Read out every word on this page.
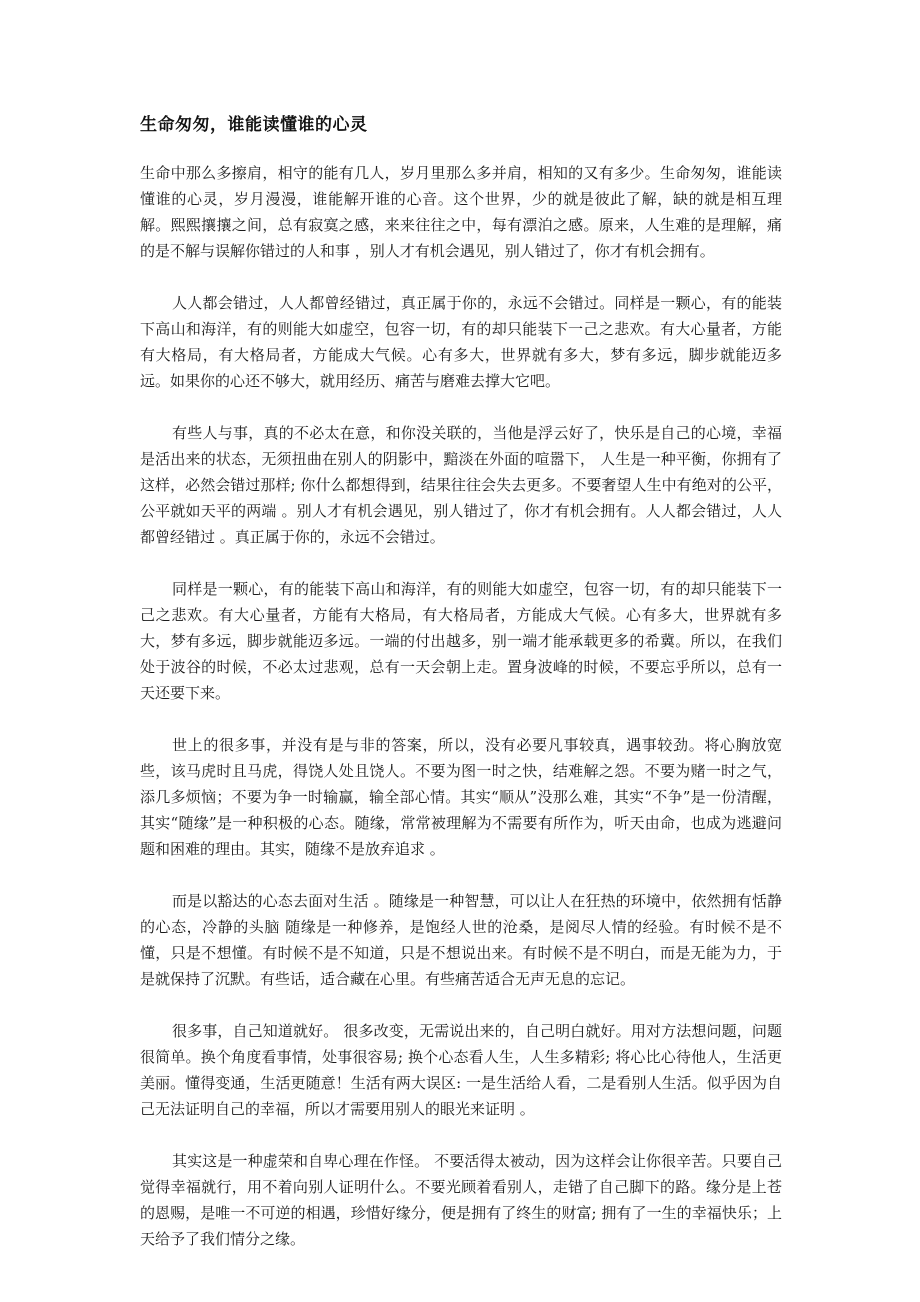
生命匆匆，谁能读懂谁的心灵

生命中那么多擦肩，相守的能有几人，岁月里那么多并肩，相知的又有多少。生命匆匆，谁能读懂谁的心灵，岁月漫漫，谁能解开谁的心音。这个世界，少的就是彼此了解，缺的就是相互理解。熙熙攘攘之间，总有寂寞之感，来来往往之中，每有漂泊之感。原来，人生难的是理解，痛的是不解与误解你错过的人和事 ，别人才有机会遇见，别人错过了，你才有机会拥有。

人人都会错过，人人都曾经错过，真正属于你的，永远不会错过。同样是一颗心，有的能装下高山和海洋，有的则能大如虚空，包容一切，有的却只能装下一己之悲欢。有大心量者，方能有大格局，有大格局者，方能成大气候。心有多大，世界就有多大，梦有多远，脚步就能迈多远。如果你的心还不够大，就用经历、痛苦与磨难去撑大它吧。

有些人与事，真的不必太在意，和你没关联的，当他是浮云好了，快乐是自己的心境，幸福是活出来的状态，无须扭曲在别人的阴影中，黯淡在外面的喧嚣下， 人生是一种平衡，你拥有了这样，必然会错过那样; 你什么都想得到，结果往往会失去更多。不要奢望人生中有绝对的公平，公平就如天平的两端 。别人才有机会遇见，别人错过了，你才有机会拥有。人人都会错过，人人都曾经错过 。真正属于你的，永远不会错过。

同样是一颗心，有的能装下高山和海洋，有的则能大如虚空，包容一切，有的却只能装下一己之悲欢。有大心量者，方能有大格局，有大格局者，方能成大气候。心有多大，世界就有多大，梦有多远，脚步就能迈多远。一端的付出越多，别一端才能承载更多的希冀。所以，在我们处于波谷的时候，不必太过悲观，总有一天会朝上走。置身波峰的时候，不要忘乎所以，总有一天还要下来。

世上的很多事，并没有是与非的答案，所以，没有必要凡事较真，遇事较劲。将心胸放宽些，该马虎时且马虎，得饶人处且饶人。不要为图一时之快，结难解之怨。不要为赌一时之气， 添几多烦恼；不要为争一时输赢，输全部心情。其实“顺从”没那么难，其实“不争”是一份清醒，其实“随缘”是一种积极的心态。随缘，常常被理解为不需要有所作为，听天由命，也成为逃避问题和困难的理由。其实，随缘不是放弃追求 。

而是以豁达的心态去面对生活 。随缘是一种智慧，可以让人在狂热的环境中，依然拥有恬静的心态，冷静的头脑 随缘是一种修养，是饱经人世的沧桑，是阅尽人情的经验。有时候不是不懂，只是不想懂。有时候不是不知道，只是不想说出来。有时候不是不明白，而是无能为力，于是就保持了沉默。有些话，适合藏在心里。有些痛苦适合无声无息的忘记。

很多事，自己知道就好。 很多改变，无需说出来的，自己明白就好。用对方法想问题，问题很简单。换个角度看事情，处事很容易; 换个心态看人生，人生多精彩; 将心比心待他人，生活更美丽。懂得变通，生活更随意！生活有两大误区: 一是生活给人看，二是看别人生活。似乎因为自己无法证明自己的幸福，所以才需要用别人的眼光来证明 。

其实这是一种虚荣和自卑心理在作怪。 不要活得太被动，因为这样会让你很辛苦。只要自己觉得幸福就行，用不着向别人证明什么。不要光顾着看别人，走错了自己脚下的路。缘分是上苍的恩赐，是唯一不可逆的相遇，珍惜好缘分，便是拥有了终生的财富; 拥有了一生的幸福快乐；上天给予了我们情分之缘。
